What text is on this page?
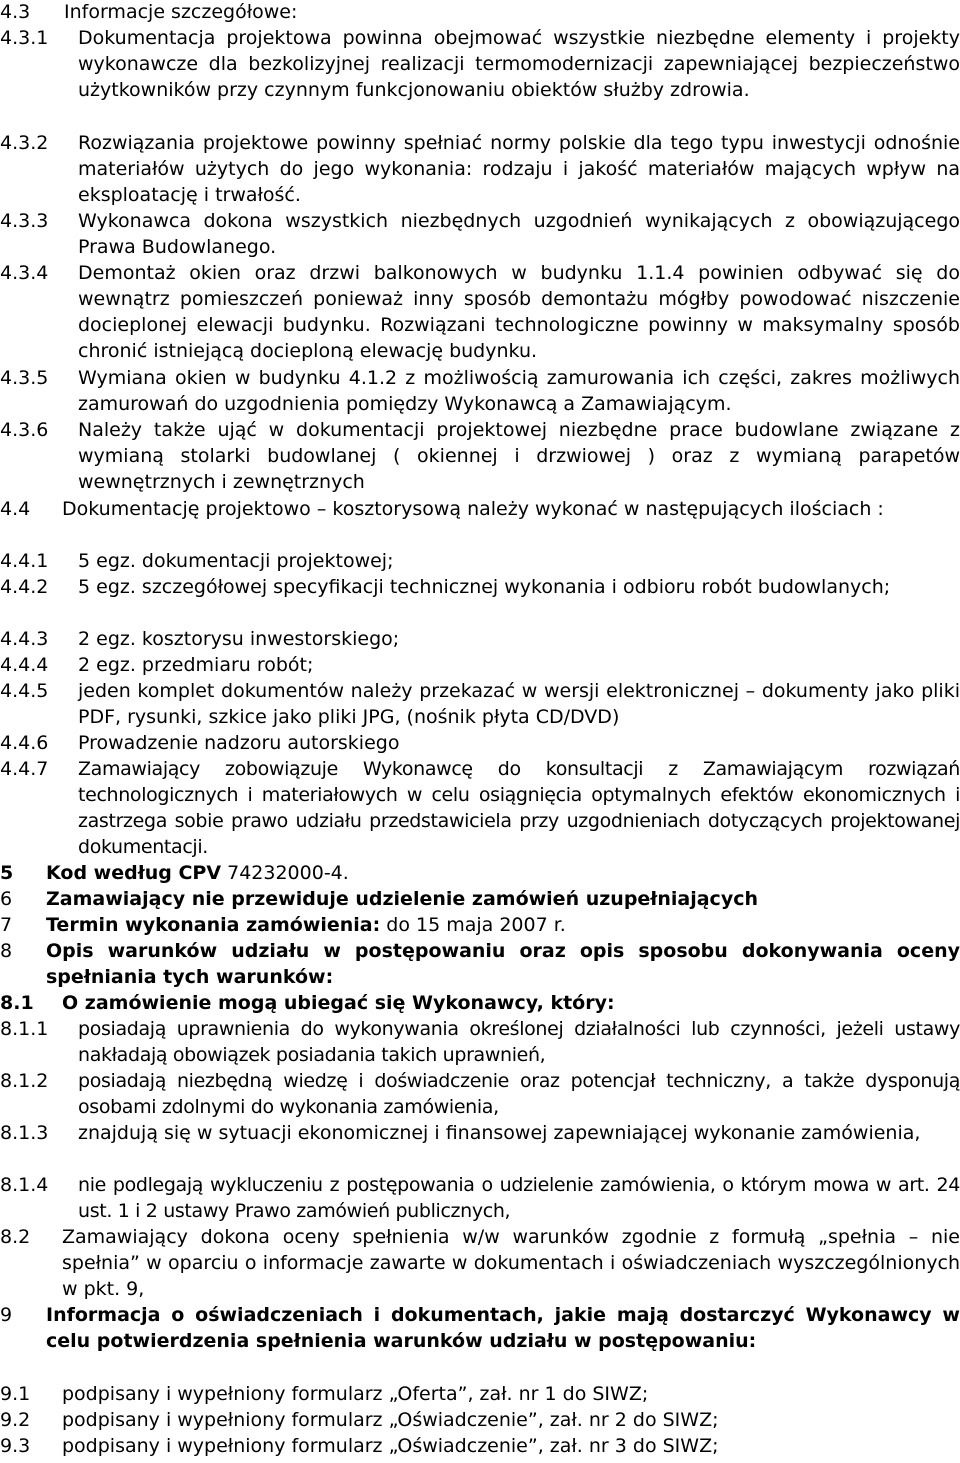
4.3	Informacje szczegółowe:
4.3.1	Dokumentacja projektowa powinna obejmować wszystkie niezbędne elementy i projekty wykonawcze dla bezkolizyjnej realizacji termomodernizacji zapewniającej bezpieczeństwo użytkowników przy czynnym funkcjonowaniu obiektów służby zdrowia.
4.3.2	Rozwiązania projektowe powinny spełniać normy polskie dla tego typu inwestycji odnośnie materiałów użytych do jego wykonania: rodzaju i jakość materiałów mających wpływ na eksploatację i trwałość.
4.3.3	Wykonawca dokona wszystkich niezbędnych uzgodnień wynikających z obowiązującego Prawa Budowlanego.
4.3.4	Demontaż okien oraz drzwi balkonowych w budynku 1.1.4 powinien odbywać się do wewnątrz pomieszczeń ponieważ inny sposób demontażu mógłby powodować niszczenie docieplonej elewacji budynku. Rozwiązani technologiczne powinny w maksymalny sposób chronić istniejącą docieploną elewację budynku.
4.3.5	Wymiana okien w budynku 4.1.2 z możliwością zamurowania ich części, zakres możliwych zamurowań do uzgodnienia pomiędzy Wykonawcą a Zamawiającym.
4.3.6	Należy także ująć w dokumentacji projektowej niezbędne prace budowlane związane z wymianą stolarki budowlanej ( okiennej i drzwiowej ) oraz z wymianą parapetów wewnętrznych i zewnętrznych
4.4	Dokumentację projektowo – kosztorysową należy wykonać w następujących ilościach :
4.4.1	5 egz. dokumentacji projektowej;
4.4.2	5 egz. szczegółowej specyfikacji technicznej wykonania i odbioru robót budowlanych;
4.4.3	2 egz. kosztorysu inwestorskiego;
4.4.4	2 egz. przedmiaru robót;
4.4.5	jeden komplet dokumentów należy przekazać w wersji elektronicznej – dokumenty jako pliki PDF, rysunki, szkice jako pliki JPG, (nośnik płyta CD/DVD)
4.4.6	Prowadzenie nadzoru autorskiego
4.4.7	Zamawiający zobowiązuje Wykonawcę do konsultacji z Zamawiającym rozwiązań technologicznych i materiałowych w celu osiągnięcia optymalnych efektów ekonomicznych i zastrzega sobie prawo udziału przedstawiciela przy uzgodnieniach dotyczących projektowanej dokumentacji.
5	Kod według CPV 74232000-4.
6	Zamawiający nie przewiduje udzielenie zamówień uzupełniających
7	Termin wykonania zamówienia: do 15 maja 2007 r.
8	Opis warunków udziału w postępowaniu oraz opis sposobu dokonywania oceny spełniania tych warunków:
8.1	O zamówienie mogą ubiegać się Wykonawcy, który:
8.1.1	posiadają uprawnienia do wykonywania określonej działalności lub czynności, jeżeli ustawy nakładają obowiązek posiadania takich uprawnień,
8.1.2	posiadają niezbędną wiedzę i doświadczenie oraz potencjał techniczny, a także dysponują osobami zdolnymi do wykonania zamówienia,
8.1.3	znajdują się w sytuacji ekonomicznej i finansowej zapewniającej wykonanie zamówienia,
8.1.4	nie podlegają wykluczeniu z postępowania o udzielenie zamówienia, o którym mowa w art. 24 ust. 1 i 2 ustawy Prawo zamówień publicznych,
8.2	Zamawiający dokona oceny spełnienia w/w warunków zgodnie z formułą „spełnia – nie spełnia” w oparciu o informacje zawarte w dokumentach i oświadczeniach wyszczególnionych w pkt. 9,
9	Informacja o oświadczeniach i dokumentach, jakie mają dostarczyć Wykonawcy w celu potwierdzenia spełnienia warunków udziału w postępowaniu:
9.1	podpisany i wypełniony formularz „Oferta”, zał. nr 1 do SIWZ;
9.2	podpisany i wypełniony formularz „Oświadczenie”, zał. nr 2 do SIWZ;
9.3	podpisany i wypełniony formularz „Oświadczenie”, zał. nr 3 do SIWZ;
